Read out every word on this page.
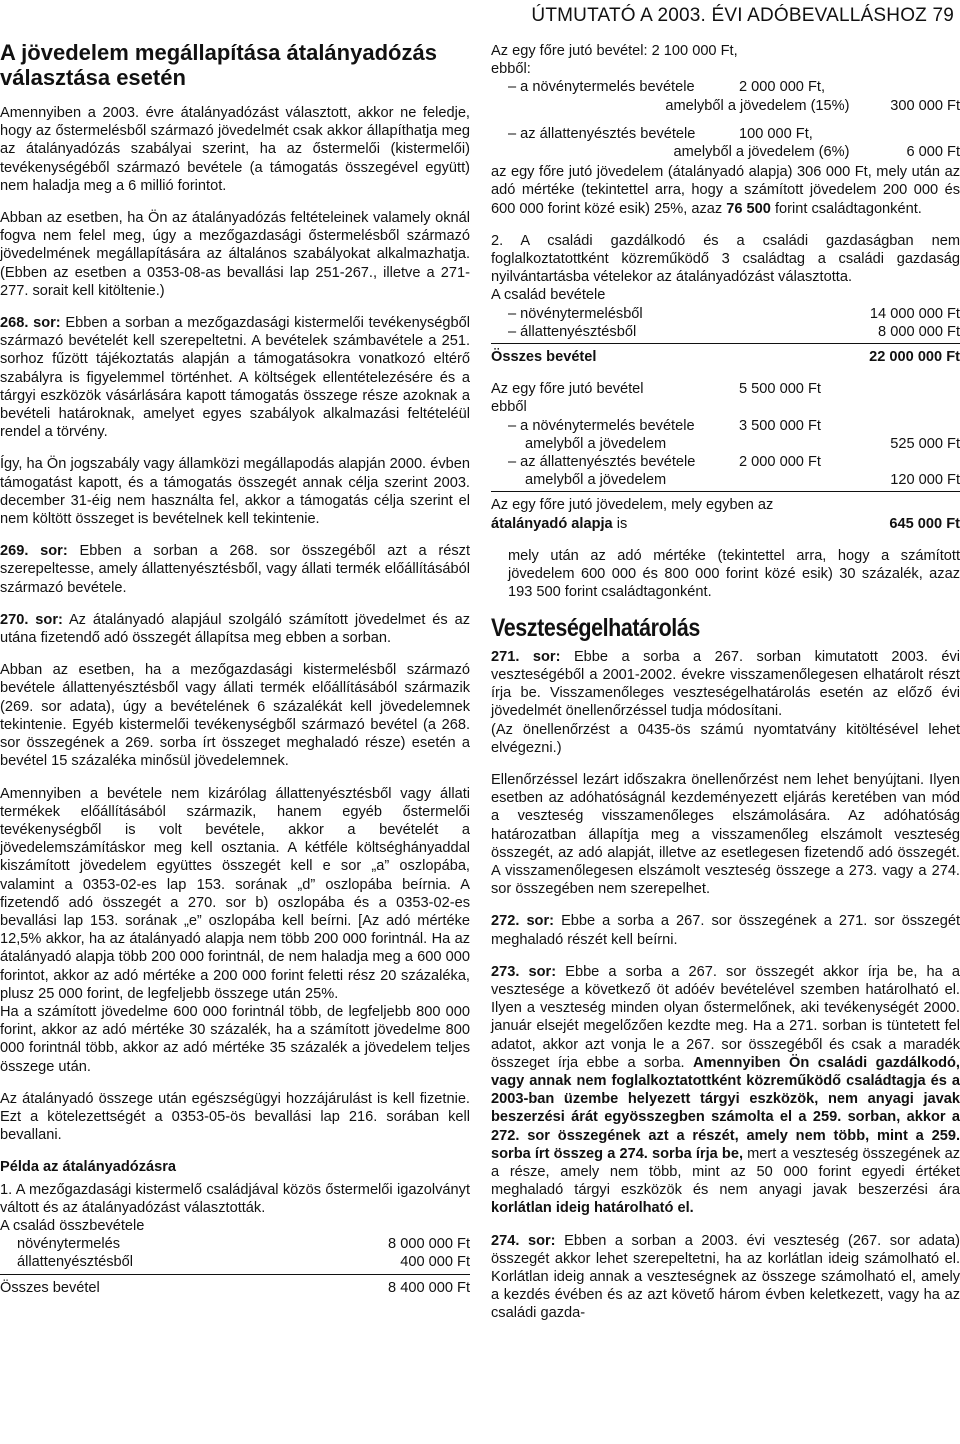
ÚTMUTATÓ A 2003. ÉVI ADÓBEVALLÁSHOZ 79
A jövedelem megállapítása átalányadózás
választása esetén

Amennyiben a 2003. évre átalányadózást választott, akkor ne feledje, hogy az őstermelésből származó jövedelmét csak akkor állapíthatja meg az átalányadózás szabályai szerint, ha az őstermelői (kistermelői) tevékenységéből származó bevétele (a támogatás összegével együtt) nem haladja meg a 6 millió forintot.

Abban az esetben, ha Ön az átalányadózás feltételeinek valamely oknál fogva nem felel meg, úgy a mezőgazdasági őstermelésből származó jövedelmének megállapítására az általános szabályokat alkalmazhatja. (Ebben az esetben a 0353-08-as bevallási lap 251-267., illetve a 271-277. sorait kell kitöltenie.)

268. sor: Ebben a sorban a mezőgazdasági kistermelői tevékenységből származó bevételét kell szerepeltetni. A bevételek számbavétele a 251. sorhoz fűzött tájékoztatás alapján a támogatásokra vonatkozó eltérő szabályra is figyelemmel történhet. A költségek ellentételezésére és a tárgyi eszközök vásárlására kapott támogatás összege része azoknak a bevételi határoknak, amelyet egyes szabályok alkalmazási feltételéül rendel a törvény.

Így, ha Ön jogszabály vagy államközi megállapodás alapján 2000. évben támogatást kapott, és a támogatás összegét annak célja szerint 2003. december 31-éig nem használta fel, akkor a támogatás célja szerint el nem költött összeget is bevételnek kell tekintenie.

269. sor: Ebben a sorban a 268. sor összegéből azt a részt szerepeltesse, amely állattenyésztésből, vagy állati termék előállításából származó bevétele.

270. sor: Az átalányadó alapjául szolgáló számított jövedelmet és az utána fizetendő adó összegét állapítsa meg ebben a sorban.

Abban az esetben, ha a mezőgazdasági kistermelésből származó bevétele állattenyésztésből vagy állati termék előállításából származik (269. sor adata), úgy a bevételének 6 százalékát kell jövedelemnek tekintenie. Egyéb kistermelői tevékenységből származó bevétel (a 268. sor összegének a 269. sorba írt összeget meghaladó része) esetén a bevétel 15 százaléka minősül jövedelemnek.

Amennyiben a bevétele nem kizárólag állattenyésztésből vagy állati termékek előállításából származik, hanem egyéb őstermelői tevékenységből is volt bevétele, akkor a bevételét a jövedelemszámításkor meg kell osztania. A kétféle költséghányaddal kiszámított jövedelem együttes összegét kell e sor „a” oszlopába, valamint a 0353-02-es lap 153. sorának „d” oszlopába beírnia. A fizetendő adó összegét a 270. sor b) oszlopába és a 0353-02-es bevallási lap 153. sorának „e” oszlopába kell beírni. [Az adó mértéke 12,5% akkor, ha az átalányadó alapja nem több 200 000 forintnál. Ha az átalányadó alapja több 200 000 forintnál, de nem haladja meg a 600 000 forintot, akkor az adó mértéke a 200 000 forint feletti rész 20 százaléka, plusz 25 000 forint, de legfeljebb összege után 25%.

Ha a számított jövedelme 600 000 forintnál több, de legfeljebb 800 000 forint, akkor az adó mértéke 30 százalék, ha a számított jövedelme 800 000 forintnál több, akkor az adó mértéke 35 százalék a jövedelem teljes összege után.

Az átalányadó összege után egészségügyi hozzájárulást is kell fizetnie. Ezt a kötelezettségét a 0353-05-ös bevallási lap 216. sorában kell bevallani.

Példa az átalányadózásra

1. A mezőgazdasági kistermelő családjával közös őstermelői igazolványt váltott és az átalányadózást választották.

A család összbevétele
növénytermelés	8 000 000 Ft
állattenyésztésből	400 000 Ft
Összes bevétel	8 400 000 Ft
Az egy főre jutó bevétel: 2 100 000 Ft,
ebből:
– a növénytermelés bevétele	2 000 000 Ft,
amelyből a jövedelem (15%)	300 000 Ft
– az állattenyésztés bevétele	100 000 Ft,
amelyből a jövedelem (6%)	6 000 Ft

az egy főre jutó jövedelem (átalányadó alapja) 306 000 Ft, mely után az adó mértéke (tekintettel arra, hogy a számított jövedelem 200 000 és 600 000 forint közé esik) 25%, azaz 76 500 forint családtagonként.

2. A családi gazdálkodó és a családi gazdaságban nem foglalkoztatottként közreműködő 3 családtag a családi gazdaság nyilvántartásba vételekor az átalányadózást választotta.

A család bevétele
– növénytermelésből	14 000 000 Ft
– állattenyésztésből	8 000 000 Ft
Összes bevétel	22 000 000 Ft
Az egy főre jutó bevétel	5 500 000 Ft
ebből
– a növénytermelés bevétele	3 500 000 Ft
amelyből a jövedelem	525 000 Ft
– az állattenyésztés bevétele	2 000 000 Ft
amelyből a jövedelem	120 000 Ft
Az egy főre jutó jövedelem, mely egyben az
átalányadó alapja is	645 000 Ft

mely után az adó mértéke (tekintettel arra, hogy a számított jövedelem 600 000 és 800 000 forint közé esik) 30 százalék, azaz 193 500 forint családtagonként.

Veszteségelhatárolás

271. sor: Ebbe a sorba a 267. sorban kimutatott 2003. évi veszteségéből a 2001-2002. évekre visszamenőlegesen elhatárolt részt írja be. Visszamenőleges veszteségelhatárolás esetén az előző évi jövedelmét önellenőrzéssel tudja módosítani.

(Az önellenőrzést a 0435-ös számú nyomtatvány kitöltésével lehet elvégezni.)

Ellenőrzéssel lezárt időszakra önellenőrzést nem lehet benyújtani. Ilyen esetben az adóhatóságnál kezdeményezett eljárás keretében van mód a veszteség visszamenőleges elszámolására. Az adóhatóság határozatban állapítja meg a visszamenőleg elszámolt veszteség összegét, az adó alapját, illetve az esetlegesen fizetendő adó összegét. A visszamenőlegesen elszámolt veszteség összege a 273. vagy a 274. sor összegében nem szerepelhet.

272. sor: Ebbe a sorba a 267. sor összegének a 271. sor összegét meghaladó részét kell beírni.

273. sor: Ebbe a sorba a 267. sor összegét akkor írja be, ha a vesztesége a következő öt adóév bevételével szemben határolható el. Ilyen a veszteség minden olyan őstermelőnek, aki tevékenységét 2000. január elsejét megelőzően kezdte meg. Ha a 271. sorban is tüntetett fel adatot, akkor azt vonja le a 267. sor összegéből és csak a maradék összeget írja ebbe a sorba. Amennyiben Ön családi gazdálkodó, vagy annak nem foglalkoztatottként közreműködő családtagja és a 2003-ban üzembe helyezett tárgyi eszközök, nem anyagi javak beszerzési árát egyösszegben számolta el a 259. sorban, akkor a 272. sor összegének azt a részét, amely nem több, mint a 259. sorba írt összeg a 274. sorba írja be, mert a veszteség összegének az a része, amely nem több, mint az 50 000 forint egyedi értéket meghaladó tárgyi eszközök és nem anyagi javak beszerzési ára korlátlan ideig határolható el.

274. sor: Ebben a sorban a 2003. évi veszteség (267. sor adata) összegét akkor lehet szerepeltetni, ha az korlátlan ideig számolható el. Korlátlan ideig annak a veszteségnek az összege számolható el, amely a kezdés évében és az azt követő három évben keletkezett, vagy ha az családi gazda-
